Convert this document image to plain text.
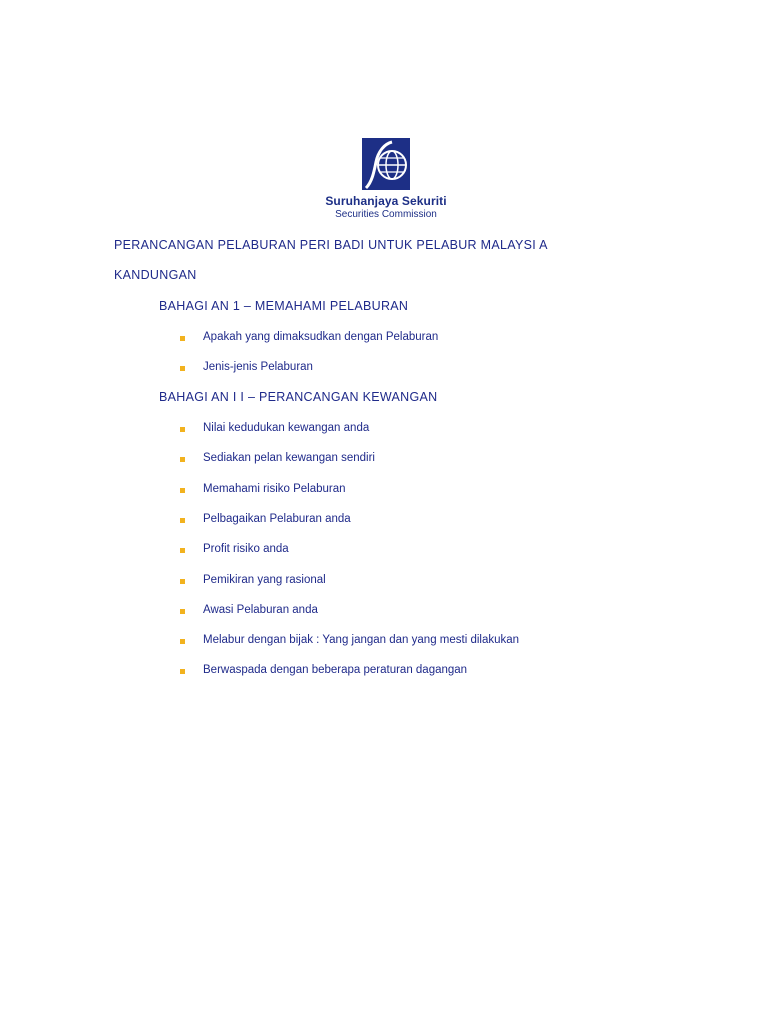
Suruhanjaya Sekuriti
Securities Commission
PERANCANGAN PELABURAN PERI BADI UNTUK PELABUR MALAYSI A
KANDUNGAN
BAHAGI AN 1 – MEMAHAMI PELABURAN
Apakah yang dimaksudkan dengan Pelaburan
Jenis-jenis Pelaburan
BAHAGI AN I I – PERANCANGAN KEWANGAN
Nilai kedudukan kewangan anda
Sediakan pelan kewangan sendiri
Memahami risiko Pelaburan
Pelbagaikan Pelaburan anda
Profit risiko anda
Pemikiran yang rasional
Awasi Pelaburan anda
Melabur dengan bijak : Yang jangan dan yang mesti dilakukan
Berwaspada dengan beberapa peraturan dagangan
